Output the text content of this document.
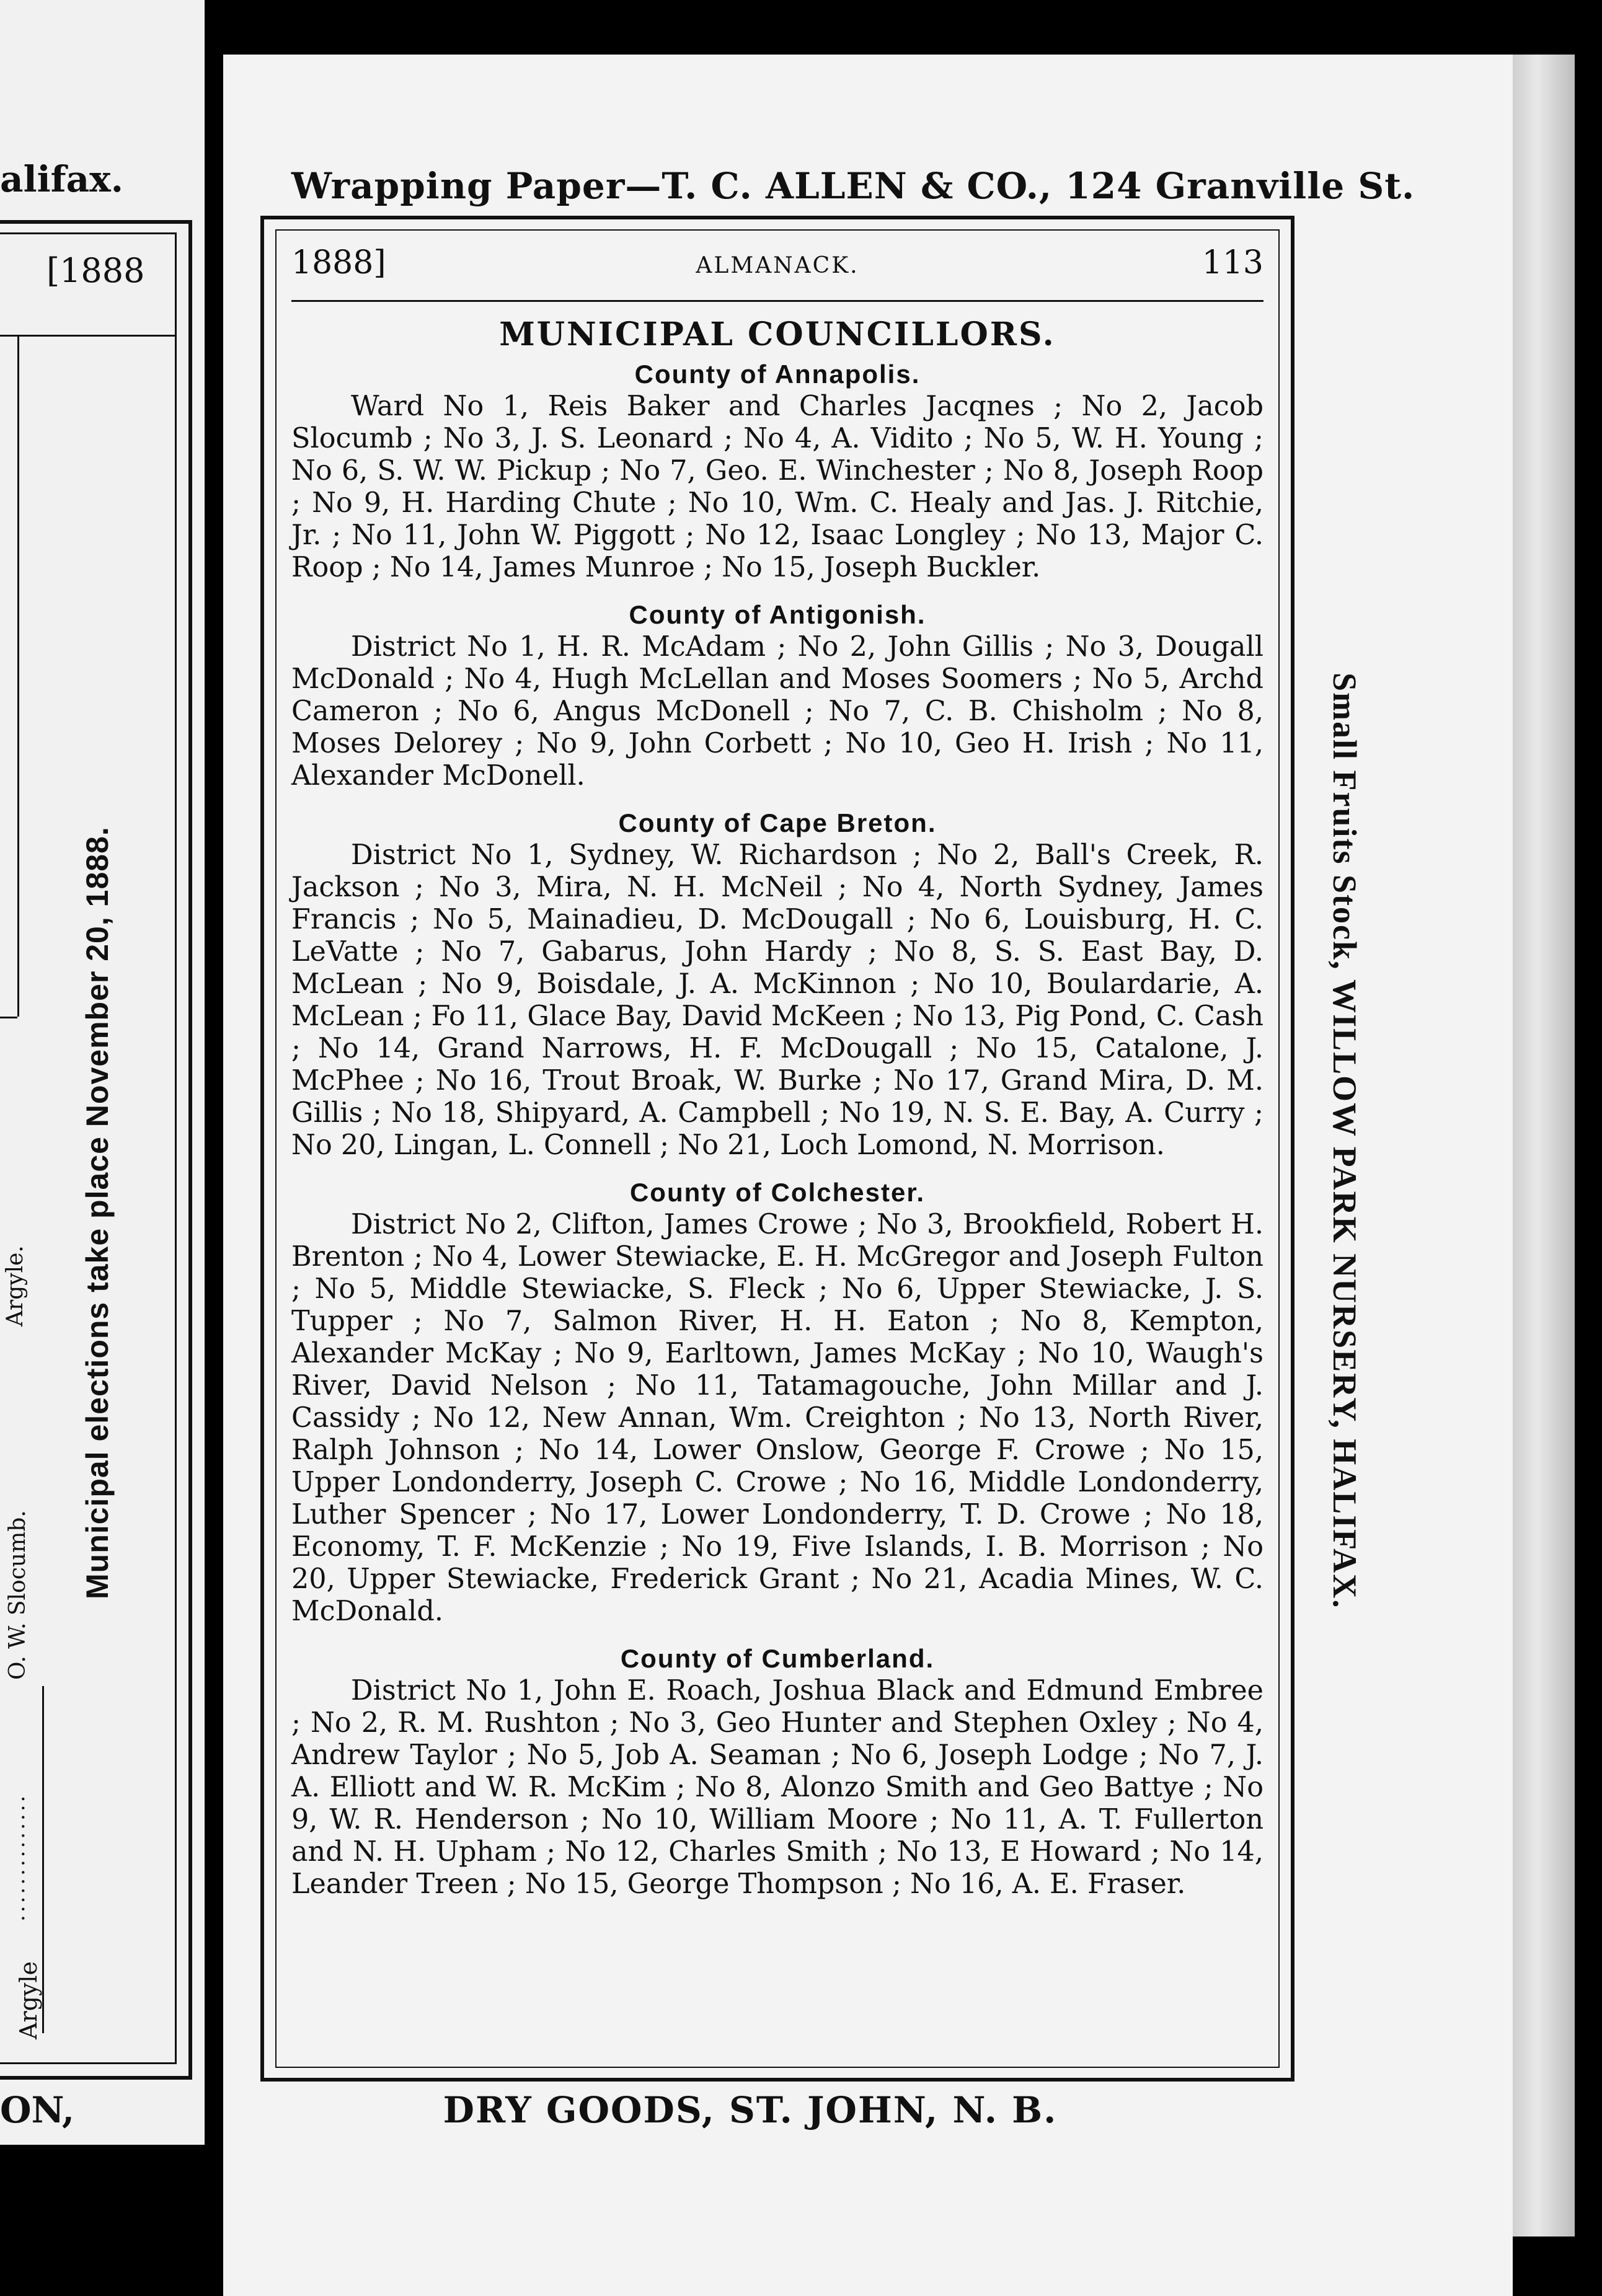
alifax.
[1888
Municipal elections take place November 20, 1888.
Argyle.
O. W. Slocumb.
..............
Argyle
ON,
Wrapping Paper—T. C. ALLEN & CO., 124 Granville St.
1888]	ALMANACK.	113
MUNICIPAL COUNCILLORS.
County of Annapolis.

Ward No 1, Reis Baker and Charles Jacqnes ; No 2, Jacob Slocumb ; No 3, J. S. Leonard ; No 4, A. Vidito ; No 5, W. H. Young ; No 6, S. W. W. Pickup ; No 7, Geo. E. Winchester ; No 8, Joseph Roop ; No 9, H. Harding Chute ; No 10, Wm. C. Healy and Jas. J. Ritchie, Jr. ; No 11, John W. Piggott ; No 12, Isaac Longley ; No 13, Major C. Roop ; No 14, James Munroe ; No 15, Joseph Buckler.

County of Antigonish.

District No 1, H. R. McAdam ; No 2, John Gillis ; No 3, Dougall McDonald ; No 4, Hugh McLellan and Moses Soomers ; No 5, Archd Cameron ; No 6, Angus McDonell ; No 7, C. B. Chisholm ; No 8, Moses Delorey ; No 9, John Corbett ; No 10, Geo H. Irish ; No 11, Alexander McDonell.

County of Cape Breton.

District No 1, Sydney, W. Richardson ; No 2, Ball's Creek, R. Jackson ; No 3, Mira, N. H. McNeil ; No 4, North Sydney, James Francis ; No 5, Mainadieu, D. McDougall ; No 6, Louisburg, H. C. LeVatte ; No 7, Gabarus, John Hardy ; No 8, S. S. East Bay, D. McLean ; No 9, Boisdale, J. A. McKinnon ; No 10, Boulardarie, A. McLean ; Fo 11, Glace Bay, David McKeen ; No 13, Pig Pond, C. Cash ; No 14, Grand Narrows, H. F. McDougall ; No 15, Catalone, J. McPhee ; No 16, Trout Broak, W. Burke ; No 17, Grand Mira, D. M. Gillis ; No 18, Shipyard, A. Campbell ; No 19, N. S. E. Bay, A. Curry ; No 20, Lingan, L. Connell ; No 21, Loch Lomond, N. Morrison.

County of Colchester.

District No 2, Clifton, James Crowe ; No 3, Brookfield, Robert H. Brenton ; No 4, Lower Stewiacke, E. H. McGregor and Joseph Fulton ; No 5, Middle Stewiacke, S. Fleck ; No 6, Upper Stewiacke, J. S. Tupper ; No 7, Salmon River, H. H. Eaton ; No 8, Kempton, Alexander McKay ; No 9, Earltown, James McKay ; No 10, Waugh's River, David Nelson ; No 11, Tatamagouche, John Millar and J. Cassidy ; No 12, New Annan, Wm. Creighton ; No 13, North River, Ralph Johnson ; No 14, Lower Onslow, George F. Crowe ; No 15, Upper Londonderry, Joseph C. Crowe ; No 16, Middle Londonderry, Luther Spencer ; No 17, Lower Londonderry, T. D. Crowe ; No 18, Economy, T. F. McKenzie ; No 19, Five Islands, I. B. Morrison ; No 20, Upper Stewiacke, Frederick Grant ; No 21, Acadia Mines, W. C. McDonald.

County of Cumberland.

District No 1, John E. Roach, Joshua Black and Edmund Embree ; No 2, R. M. Rushton ; No 3, Geo Hunter and Stephen Oxley ; No 4, Andrew Taylor ; No 5, Job A. Seaman ; No 6, Joseph Lodge ; No 7, J. A. Elliott and W. R. McKim ; No 8, Alonzo Smith and Geo Battye ; No 9, W. R. Henderson ; No 10, William Moore ; No 11, A. T. Fullerton and N. H. Upham ; No 12, Charles Smith ; No 13, E Howard ; No 14, Leander Treen ; No 15, George Thompson ; No 16, A. E. Fraser.

Small Fruits Stock, WILLOW PARK NURSERY, HALIFAX.
DRY GOODS, ST. JOHN, N. B.
